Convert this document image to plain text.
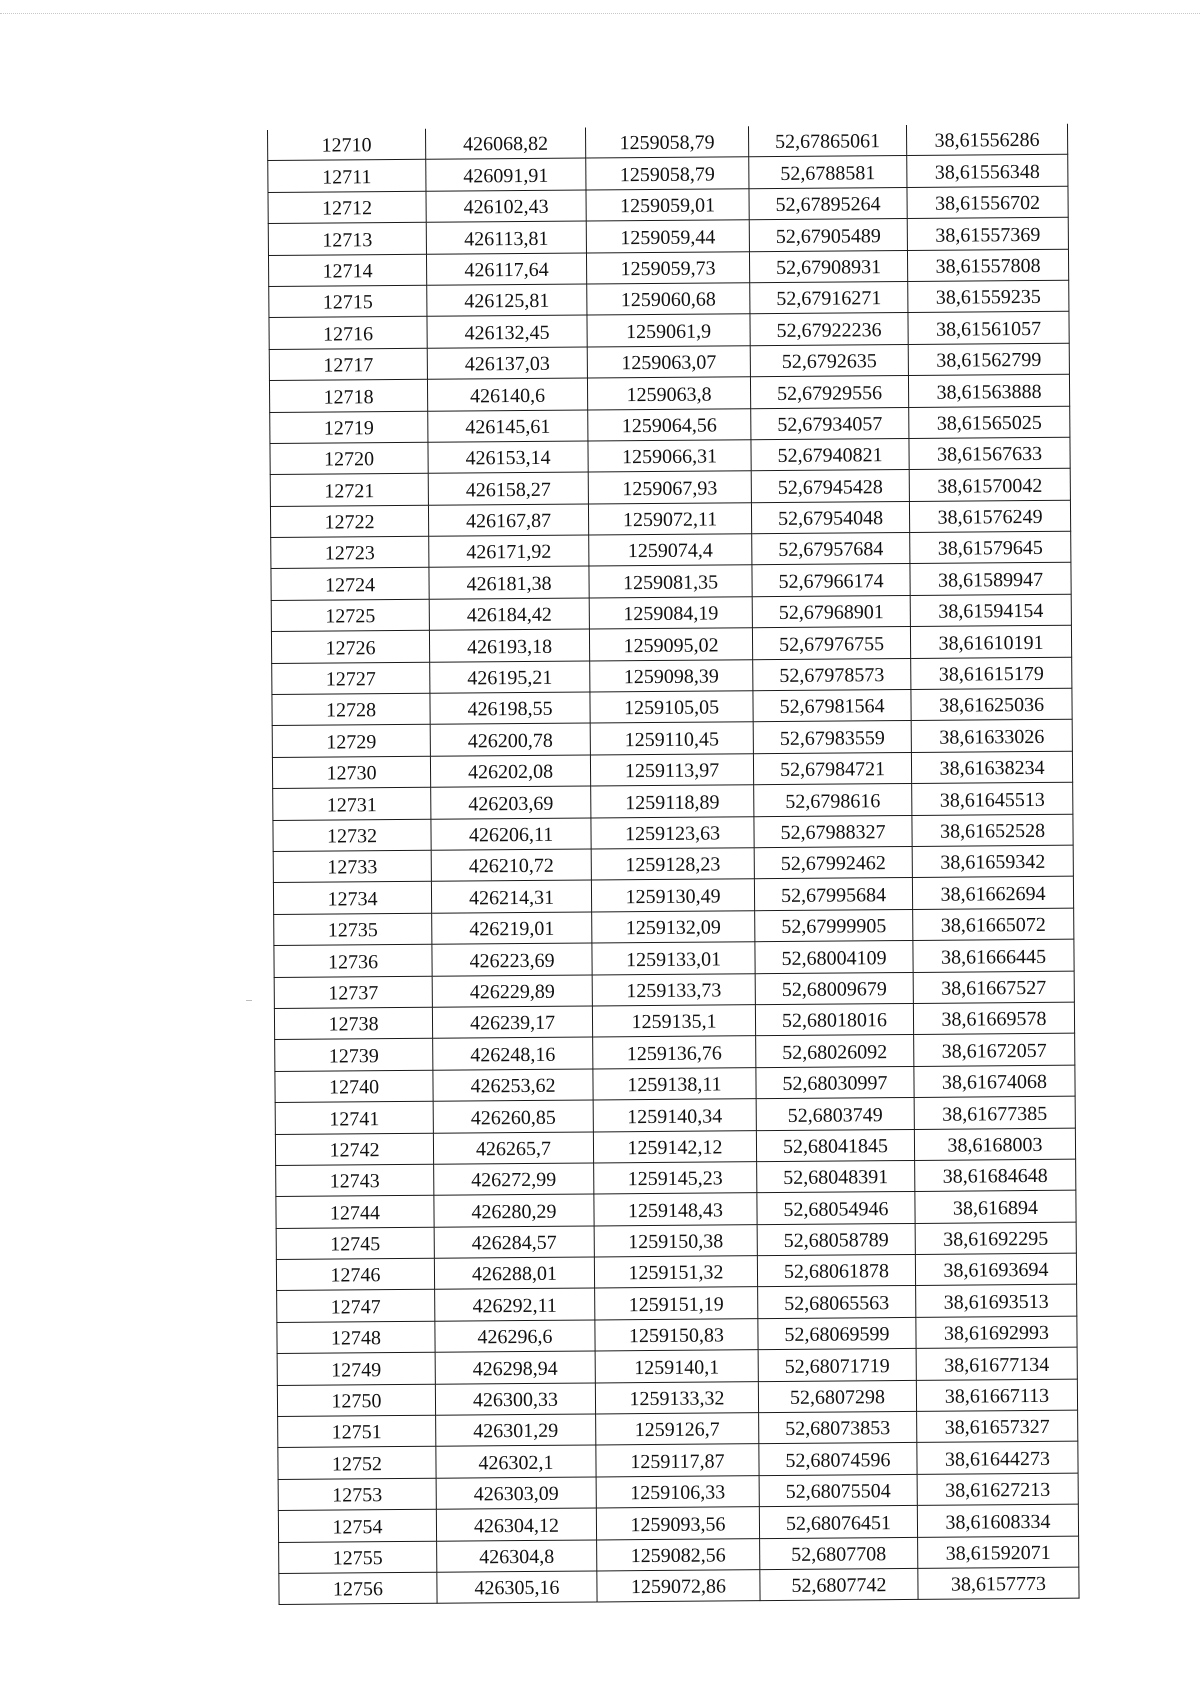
12710	426068,82	1259058,79	52,67865061	38,61556286
12711	426091,91	1259058,79	52,6788581	38,61556348
12712	426102,43	1259059,01	52,67895264	38,61556702
12713	426113,81	1259059,44	52,67905489	38,61557369
12714	426117,64	1259059,73	52,67908931	38,61557808
12715	426125,81	1259060,68	52,67916271	38,61559235
12716	426132,45	1259061,9	52,67922236	38,61561057
12717	426137,03	1259063,07	52,6792635	38,61562799
12718	426140,6	1259063,8	52,67929556	38,61563888
12719	426145,61	1259064,56	52,67934057	38,61565025
12720	426153,14	1259066,31	52,67940821	38,61567633
12721	426158,27	1259067,93	52,67945428	38,61570042
12722	426167,87	1259072,11	52,67954048	38,61576249
12723	426171,92	1259074,4	52,67957684	38,61579645
12724	426181,38	1259081,35	52,67966174	38,61589947
12725	426184,42	1259084,19	52,67968901	38,61594154
12726	426193,18	1259095,02	52,67976755	38,61610191
12727	426195,21	1259098,39	52,67978573	38,61615179
12728	426198,55	1259105,05	52,67981564	38,61625036
12729	426200,78	1259110,45	52,67983559	38,61633026
12730	426202,08	1259113,97	52,67984721	38,61638234
12731	426203,69	1259118,89	52,6798616	38,61645513
12732	426206,11	1259123,63	52,67988327	38,61652528
12733	426210,72	1259128,23	52,67992462	38,61659342
12734	426214,31	1259130,49	52,67995684	38,61662694
12735	426219,01	1259132,09	52,67999905	38,61665072
12736	426223,69	1259133,01	52,68004109	38,61666445
12737	426229,89	1259133,73	52,68009679	38,61667527
12738	426239,17	1259135,1	52,68018016	38,61669578
12739	426248,16	1259136,76	52,68026092	38,61672057
12740	426253,62	1259138,11	52,68030997	38,61674068
12741	426260,85	1259140,34	52,6803749	38,61677385
12742	426265,7	1259142,12	52,68041845	38,6168003
12743	426272,99	1259145,23	52,68048391	38,61684648
12744	426280,29	1259148,43	52,68054946	38,616894
12745	426284,57	1259150,38	52,68058789	38,61692295
12746	426288,01	1259151,32	52,68061878	38,61693694
12747	426292,11	1259151,19	52,68065563	38,61693513
12748	426296,6	1259150,83	52,68069599	38,61692993
12749	426298,94	1259140,1	52,68071719	38,61677134
12750	426300,33	1259133,32	52,6807298	38,61667113
12751	426301,29	1259126,7	52,68073853	38,61657327
12752	426302,1	1259117,87	52,68074596	38,61644273
12753	426303,09	1259106,33	52,68075504	38,61627213
12754	426304,12	1259093,56	52,68076451	38,61608334
12755	426304,8	1259082,56	52,6807708	38,61592071
12756	426305,16	1259072,86	52,6807742	38,6157773
